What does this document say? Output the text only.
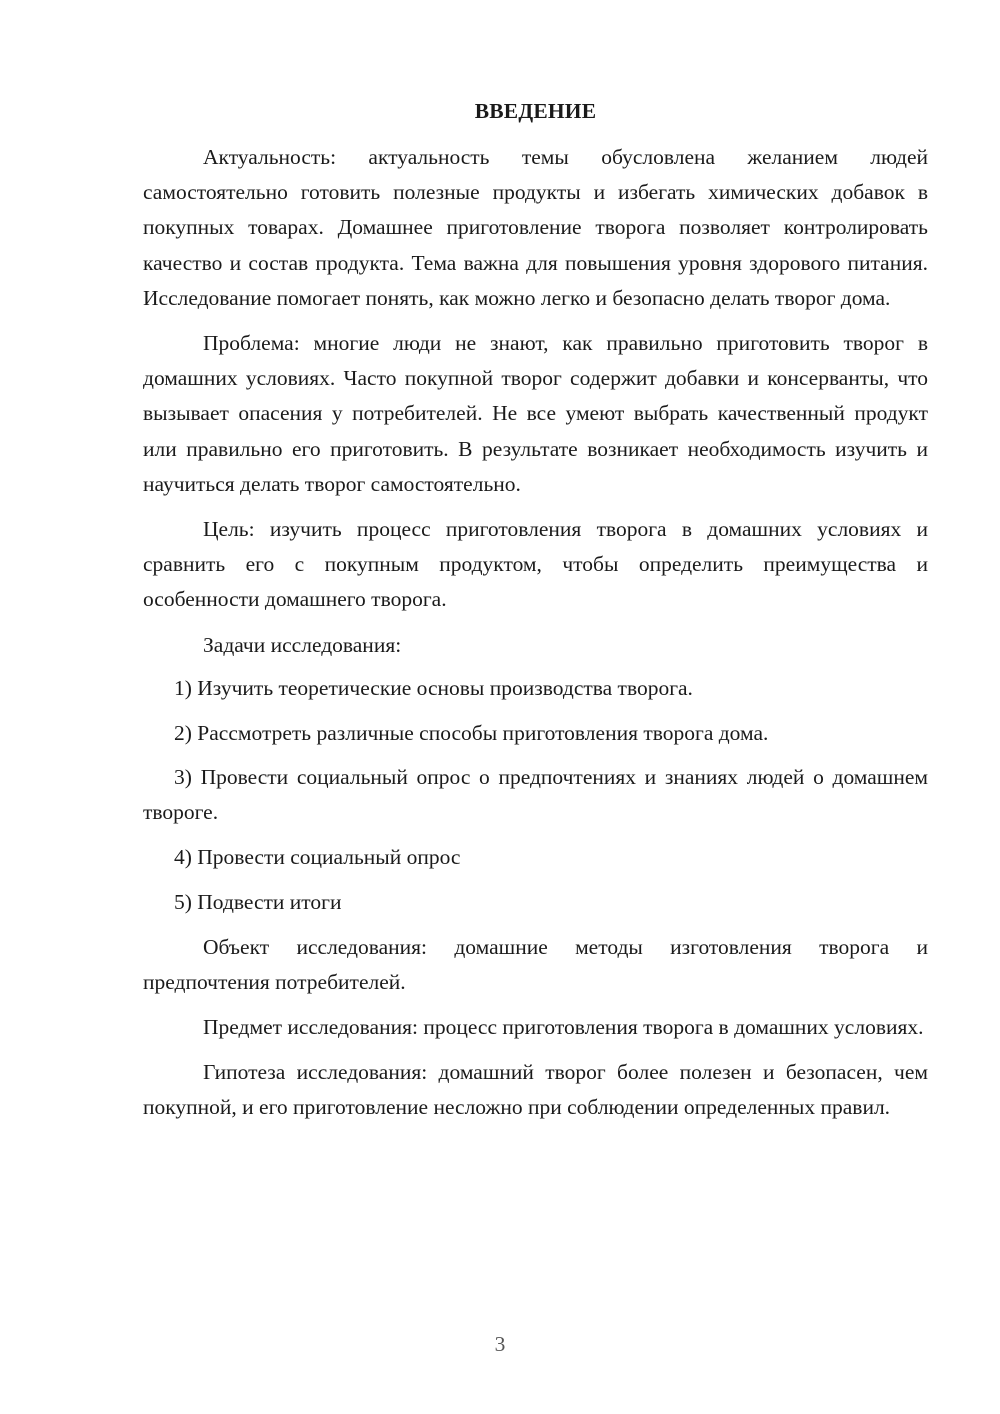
ВВЕДЕНИЕ

Актуальность: актуальность темы обусловлена желанием людей самостоятельно готовить полезные продукты и избегать химических добавок в покупных товарах. Домашнее приготовление творога позволяет контролировать качество и состав продукта. Тема важна для повышения уровня здорового питания. Исследование помогает понять, как можно легко и безопасно делать творог дома.

Проблема: многие люди не знают, как правильно приготовить творог в домашних условиях. Часто покупной творог содержит добавки и консерванты, что вызывает опасения у потребителей. Не все умеют выбрать качественный продукт или правильно его приготовить. В результате возникает необходимость изучить и научиться делать творог самостоятельно.

Цель: изучить процесс приготовления творога в домашних условиях и сравнить его с покупным продуктом, чтобы определить преимущества и особенности домашнего творога.

Задачи исследования:

1) Изучить теоретические основы производства творога.

2) Рассмотреть различные способы приготовления творога дома.

3) Провести социальный опрос о предпочтениях и знаниях людей о домашнем твороге.

4) Провести социальный опрос

5) Подвести итоги

Объект исследования: домашние методы изготовления творога и предпочтения потребителей.

Предмет исследования: процесс приготовления творога в домашних условиях.

Гипотеза исследования: домашний творог более полезен и безопасен, чем покупной, и его приготовление несложно при соблюдении определенных правил.

3
